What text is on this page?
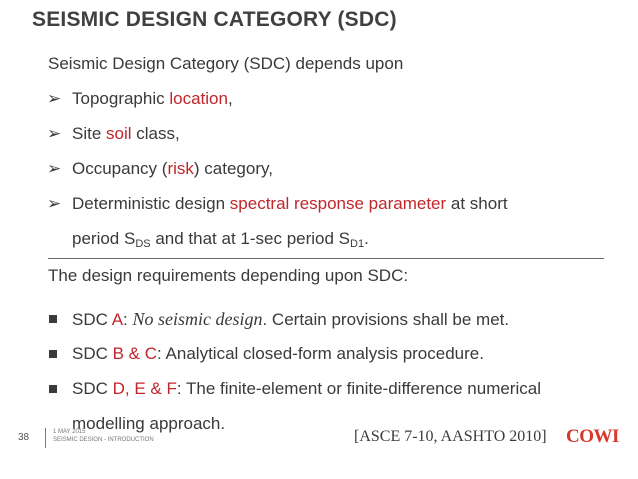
SEISMIC DESIGN CATEGORY (SDC)
Seismic Design Category (SDC) depends upon
➢ Topographic location,
➢ Site soil class,
➢ Occupancy (risk) category,
➢ Deterministic design spectral response parameter at short
period $S_{DS}$ and that at 1-sec period $S_{D1}$.
The design requirements depending upon SDC:
SDC A: No seismic design. Certain provisions shall be met.
SDC B & C: Analytical closed-form analysis procedure.
SDC D, E & F: The finite-element or finite-difference numerical
modelling approach.
38	1 MAY 2015
SEISMIC DESIGN - INTRODUCTION	[ASCE 7-10, AASHTO 2010] COWI
